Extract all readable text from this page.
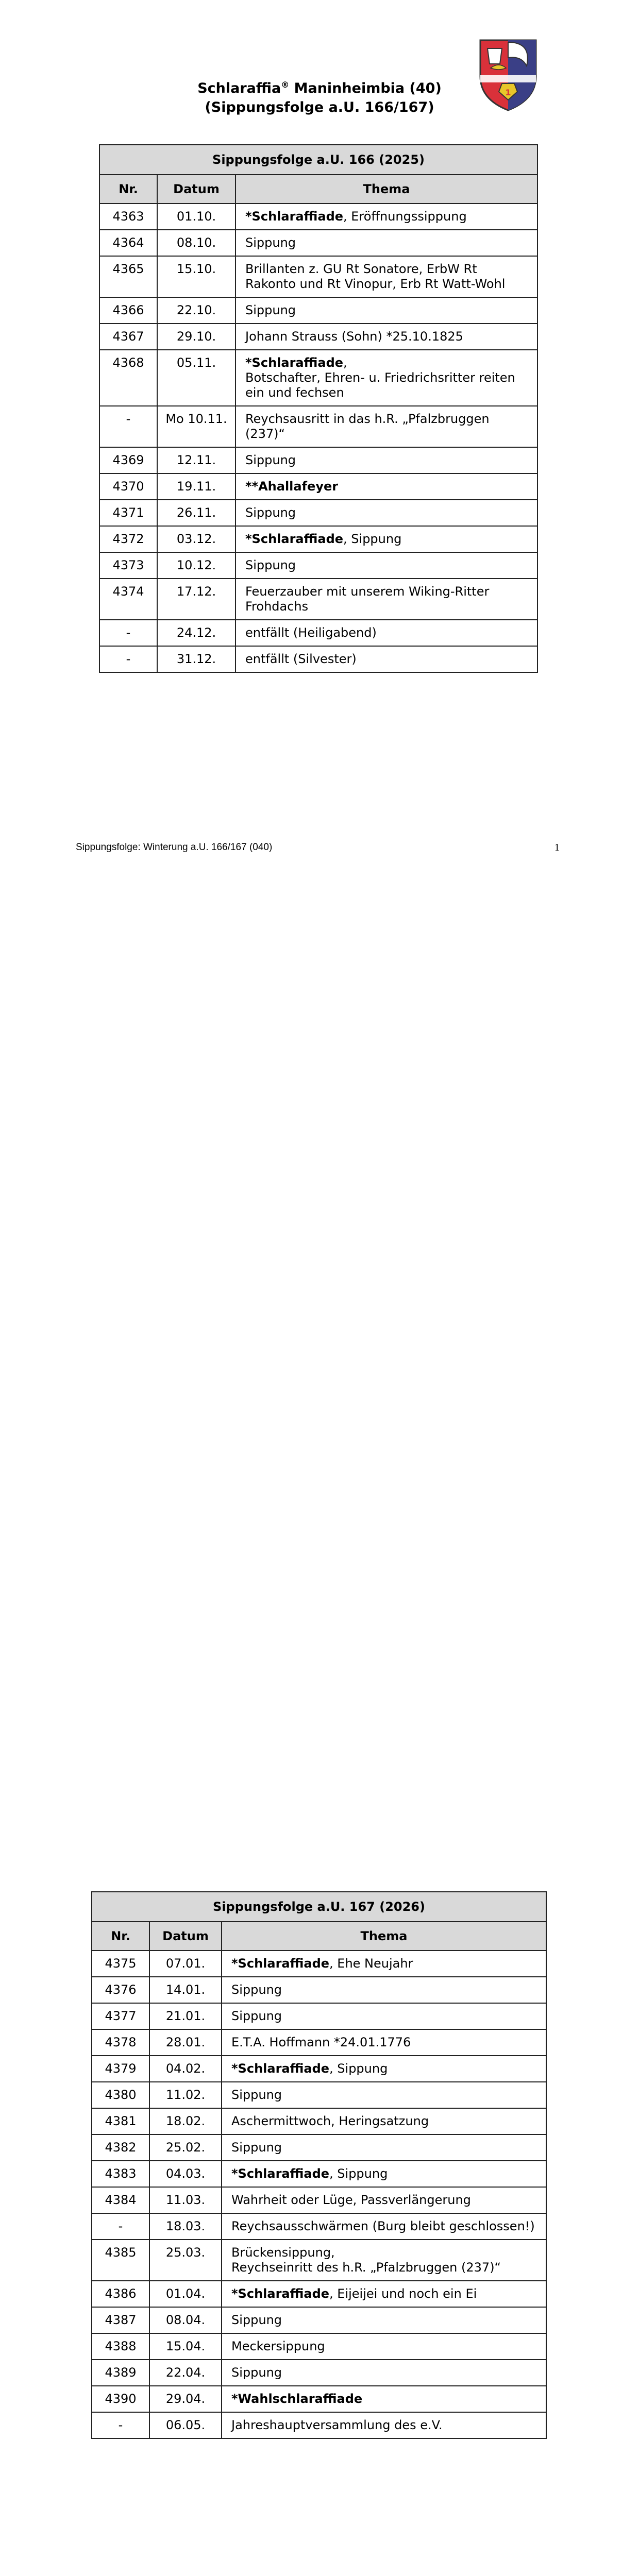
Schlaraffia® Maninheimbia (40)
(Sippungsfolge a.U. 166/167)
1
Sippungsfolge a.U. 166 (2025)		
Nr.	Datum	Thema

4363	01.10.	*Schlaraffiade, Eröffnungssippung

4364	08.10.	Sippung

4365	15.10.	Brillanten z. GU Rt Sonatore, ErbW Rt Rakonto und Rt Vinopur, Erb Rt Watt-Wohl

4366	22.10.	Sippung

4367	29.10.	Johann Strauss (Sohn) *25.10.1825

4368	05.11.	*Schlaraffiade,
Botschafter, Ehren- u. Friedrichsritter reiten ein und fechsen

-	Mo 10.11.	Reychsausritt in das h.R. „Pfalzbruggen (237)“

4369	12.11.	Sippung

4370	19.11.	**Ahallafeyer

4371	26.11.	Sippung

4372	03.12.	*Schlaraffiade, Sippung

4373	10.12.	Sippung

4374	17.12.	Feuerzauber mit unserem Wiking-Ritter Frohdachs

-	24.12.	entfällt (Heiligabend)

-	31.12.	entfällt (Silvester)
Sippungsfolge: Winterung a.U. 166/167 (040)	1
Sippungsfolge a.U. 167 (2026)		
Nr.	Datum	Thema

4375	07.01.	*Schlaraffiade, Ehe Neujahr

4376	14.01.	Sippung

4377	21.01.	Sippung

4378	28.01.	E.T.A. Hoffmann *24.01.1776

4379	04.02.	*Schlaraffiade, Sippung

4380	11.02.	Sippung

4381	18.02.	Aschermittwoch, Heringsatzung

4382	25.02.	Sippung

4383	04.03.	*Schlaraffiade, Sippung

4384	11.03.	Wahrheit oder Lüge, Passverlängerung

-	18.03.	Reychsausschwärmen (Burg bleibt geschlossen!)

4385	25.03.	Brückensippung,
Reychseinritt des h.R. „Pfalzbruggen (237)“

4386	01.04.	*Schlaraffiade, Eijeijei und noch ein Ei

4387	08.04.	Sippung

4388	15.04.	Meckersippung

4389	22.04.	Sippung

4390	29.04.	*Wahlschlaraffiade

-	06.05.	Jahreshauptversammlung des e.V.
